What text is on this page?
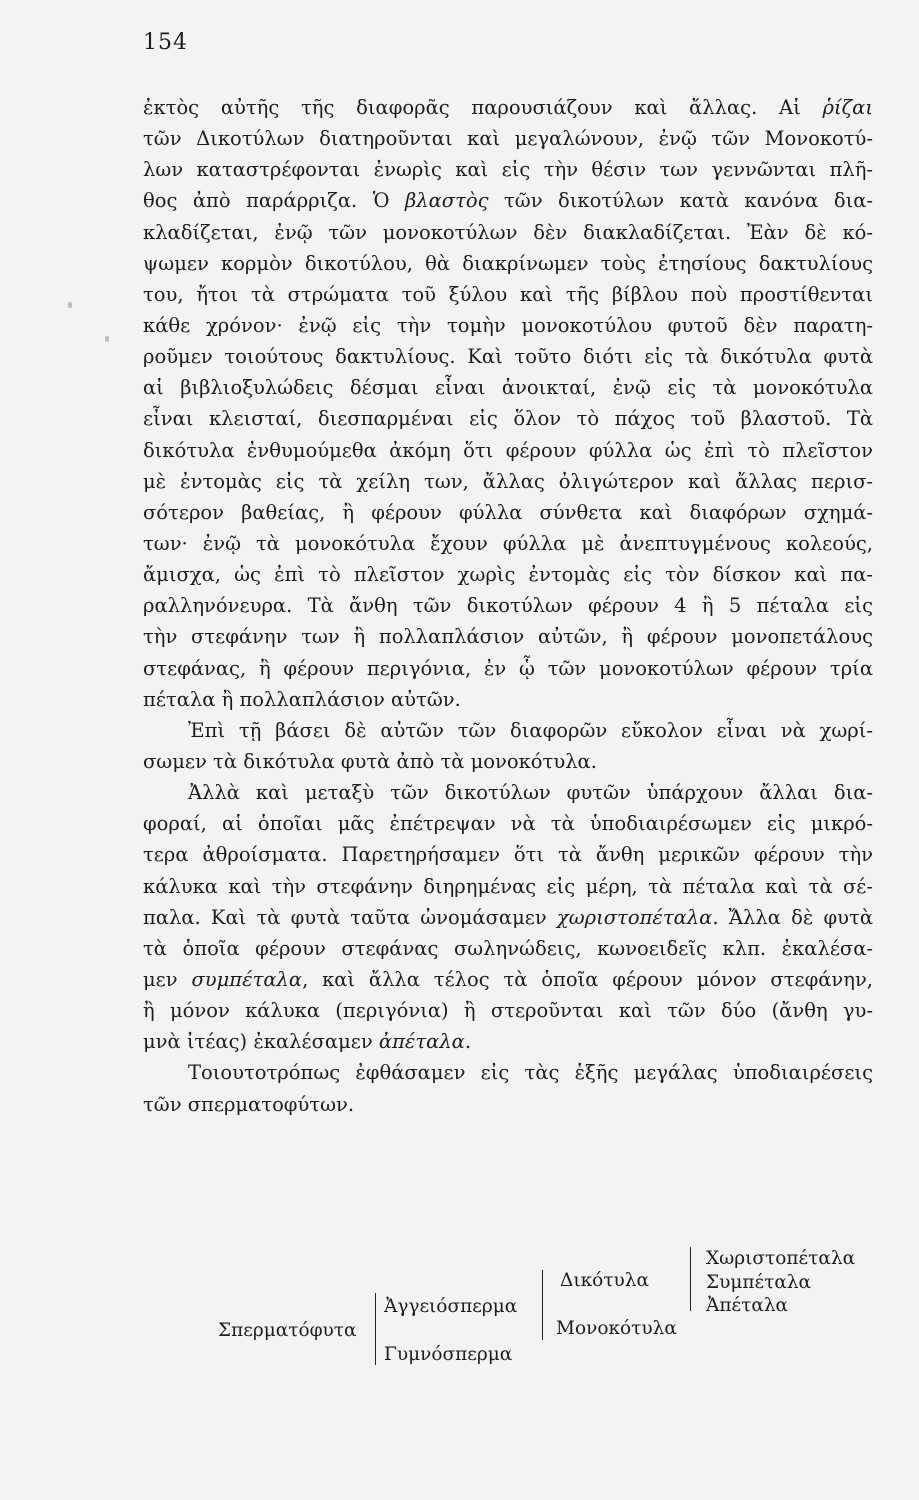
154
ἐκτὸς αὐτῆς τῆς διαφορᾶς παρουσιάζουν καὶ ἄλλας. Αἱ ῥίζαι
τῶν Δικοτύλων διατηροῦνται καὶ μεγαλώνουν, ἐνῷ τῶν Μονοκοτύ-
λων καταστρέφονται ἐνωρὶς καὶ εἰς τὴν θέσιν των γεννῶνται πλῆ-
θος ἀπὸ παράρριζα. Ὁ βλαστὸς τῶν δικοτύλων κατὰ κανόνα δια-
κλαδίζεται, ἐνῷ τῶν μονοκοτύλων δὲν διακλαδίζεται. Ἐὰν δὲ κό-
ψωμεν κορμὸν δικοτύλου, θὰ διακρίνωμεν τοὺς ἐτησίους δακτυλίους
του, ἤτοι τὰ στρώματα τοῦ ξύλου καὶ τῆς βίβλου ποὺ προστίθενται
κάθε χρόνον· ἐνῷ εἰς τὴν τομὴν μονοκοτύλου φυτοῦ δὲν παρατη-
ροῦμεν τοιούτους δακτυλίους. Καὶ τοῦτο διότι εἰς τὰ δικότυλα φυτὰ
αἱ βιβλιοξυλώδεις δέσμαι εἶναι ἀνοικταί, ἐνῷ εἰς τὰ μονοκότυλα
εἶναι κλεισταί, διεσπαρμέναι εἰς ὅλον τὸ πάχος τοῦ βλαστοῦ. Τὰ
δικότυλα ἐνθυμούμεθα ἀκόμη ὅτι φέρουν φύλλα ὡς ἐπὶ τὸ πλεῖστον
μὲ ἐντομὰς εἰς τὰ χείλη των, ἄλλας ὀλιγώτερον καὶ ἄλλας περισ-
σότερον βαθείας, ἢ φέρουν φύλλα σύνθετα καὶ διαφόρων σχημά-
των· ἐνῷ τὰ μονοκότυλα ἔχουν φύλλα μὲ ἀνεπτυγμένους κολεούς,
ἄμισχα, ὡς ἐπὶ τὸ πλεῖστον χωρὶς ἐντομὰς εἰς τὸν δίσκον καὶ πα-
ραλληνόνευρα. Τὰ ἄνθη τῶν δικοτύλων φέρουν 4 ἢ 5 πέταλα εἰς
τὴν στεφάνην των ἢ πολλαπλάσιον αὐτῶν, ἢ φέρουν μονοπετάλους
στεφάνας, ἢ φέρουν περιγόνια, ἐν ᾧ τῶν μονοκοτύλων φέρουν τρία
πέταλα ἢ πολλαπλάσιον αὐτῶν.
Ἐπὶ τῇ βάσει δὲ αὐτῶν τῶν διαφορῶν εὔκολον εἶναι νὰ χωρί-
σωμεν τὰ δικότυλα φυτὰ ἀπὸ τὰ μονοκότυλα.
Ἀλλὰ καὶ μεταξὺ τῶν δικοτύλων φυτῶν ὑπάρχουν ἄλλαι δια-
φοραί, αἱ ὁποῖαι μᾶς ἐπέτρεψαν νὰ τὰ ὑποδιαιρέσωμεν εἰς μικρό-
τερα ἀθροίσματα. Παρετηρήσαμεν ὅτι τὰ ἄνθη μερικῶν φέρουν τὴν
κάλυκα καὶ τὴν στεφάνην διηρημένας εἰς μέρη, τὰ πέταλα καὶ τὰ σέ-
παλα. Καὶ τὰ φυτὰ ταῦτα ὠνομάσαμεν χωριστοπέταλα. Ἄλλα δὲ φυτὰ
τὰ ὁποῖα φέρουν στεφάνας σωληνώδεις, κωνοειδεῖς κλπ. ἐκαλέσα-
μεν συμπέταλα, καὶ ἄλλα τέλος τὰ ὁποῖα φέρουν μόνον στεφάνην,
ἢ μόνον κάλυκα (περιγόνια) ἢ στεροῦνται καὶ τῶν δύο (ἄνθη γυ-
μνὰ ἰτέας) ἐκαλέσαμεν ἀπέταλα.
Τοιουτοτρόπως ἐφθάσαμεν εἰς τὰς ἑξῆς μεγάλας ὑποδιαιρέσεις
τῶν σπερματοφύτων.
Σπερματόφυτα
Ἀγγειόσπερμα
Γυμνόσπερμα
Δικότυλα
Μονοκότυλα
Χωριστοπέταλα
Συμπέταλα
Ἀπέταλα
